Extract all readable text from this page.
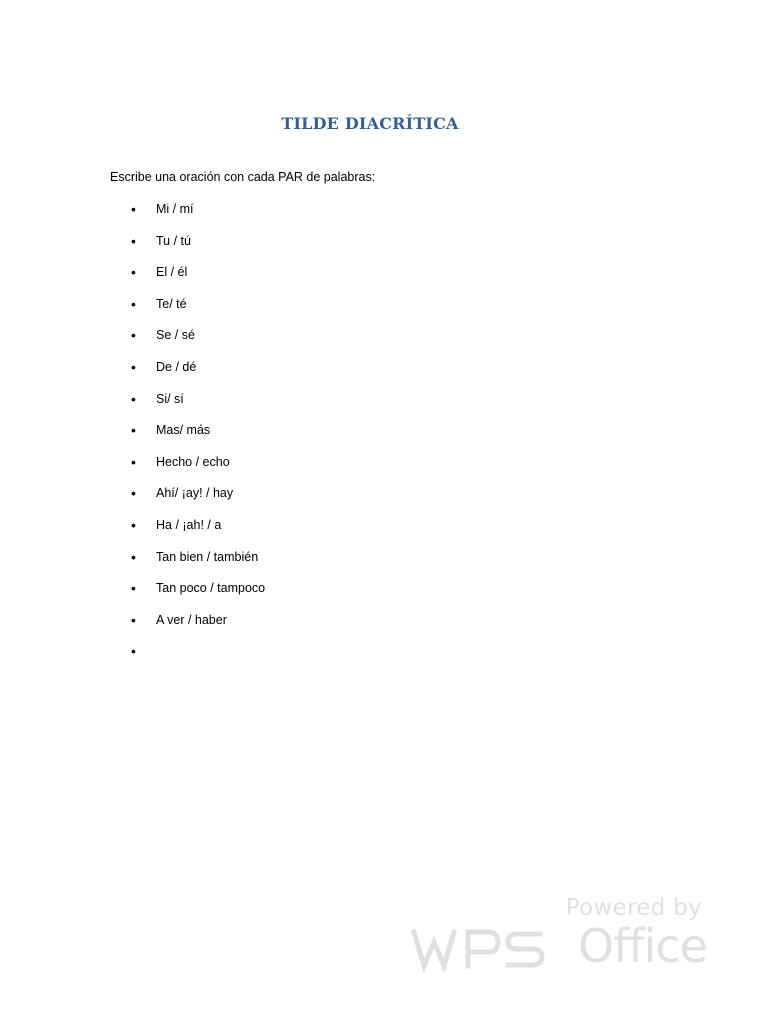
TILDE DIACRÍTICA
Escribe una oración con cada PAR de palabras:
• Mi / mí
• Tu / tú
• El / él
• Te/ té
• Se / sé
• De / dé
• Si/ sí
• Mas/ más
• Hecho / echo
• Ahí/ ¡ay! / hay
• Ha / ¡ah! / a
• Tan bien / también
• Tan poco / tampoco
• A ver / haber
•
Powered by
Office
